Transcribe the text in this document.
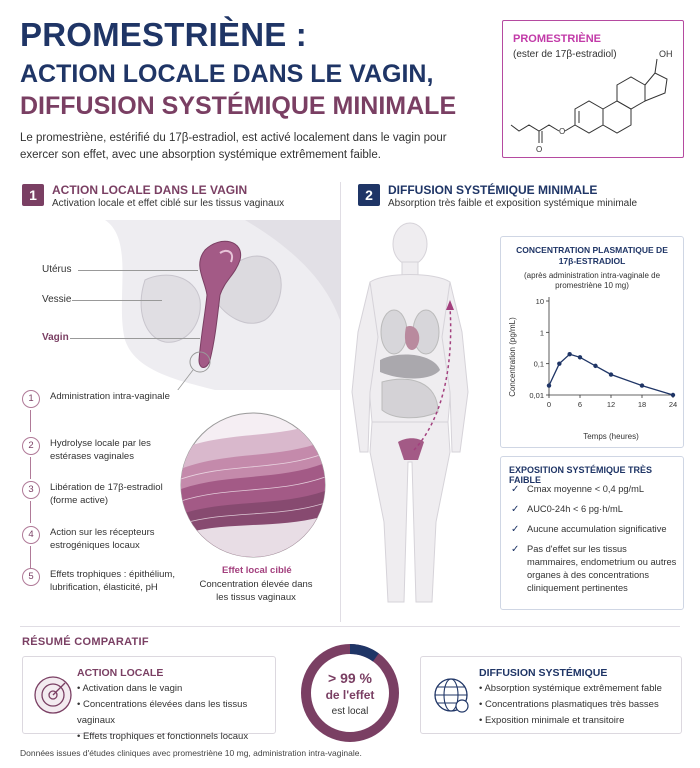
PROMESTRIÈNE :
ACTION LOCALE DANS LE VAGIN,
DIFFUSION SYSTÉMIQUE MINIMALE
Le promestriène, estérifié du 17β-estradiol, est activé localement dans le vagin pour exercer son effet, avec une absorption systémique extrêmement faible.
PROMESTRIÈNE
(ester de 17β-estradiol)	OH
O
O
1	ACTION LOCALE DANS LE VAGIN
Activation locale et effet ciblé sur les tissus vaginaux
2	DIFFUSION SYSTÉMIQUE MINIMALE
Absorption très faible et exposition systémique minimale
Utérus
Vessie
Vagin
1	Administration intra-vaginale
2	Hydrolyse locale par les estérases vaginales
3	Libération de 17β-estradiol (forme active)
4	Action sur les récepteurs estrogéniques locaux
5	Effets trophiques : épithélium, lubrification, élasticité, pH
Effet local ciblé
Concentration élevée dans les tissus vaginaux
CONCENTRATION PLASMATIQUE DE 17β-ESTRADIOL
(après administration intra-vaginale de promestriène 10 mg)
0,01
0,1
1
10
0	6	12	18	24
Temps (heures)
Concentration (pg/mL)
EXPOSITION SYSTÉMIQUE TRÈS FAIBLE
✓ Cmax moyenne < 0,4 pg/mL
✓ AUC0-24h < 6 pg·h/mL
✓ Aucune accumulation significative
✓ Pas d'effet sur les tissus mammaires, endometrium ou autres organes à des concentrations cliniquement pertinentes
RÉSUMÉ COMPARATIF
ACTION LOCALE
• Activation dans le vagin
• Concentrations élevées dans les tissus vaginaux
• Effets trophiques et fonctionnels locaux
> 99 %
de l'effet
est local
DIFFUSION SYSTÉMIQUE
• Absorption systémique extrêmement fable
• Concentrations plasmatiques très basses
• Exposition minimale et transitoire
Données issues d'études cliniques avec promestriène 10 mg, administration intra-vaginale.
